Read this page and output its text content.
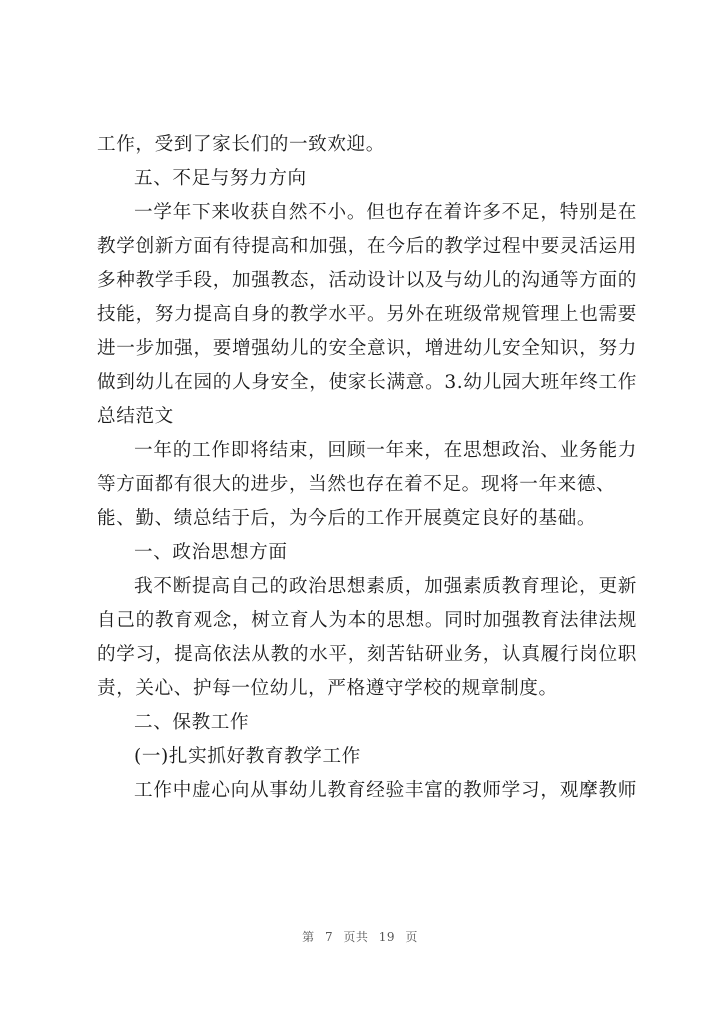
工作，受到了家长们的一致欢迎。
五、不足与努力方向
一学年下来收获自然不小。但也存在着许多不足，特别是在
教学创新方面有待提高和加强，在今后的教学过程中要灵活运用
多种教学手段，加强教态，活动设计以及与幼儿的沟通等方面的
技能，努力提高自身的教学水平。另外在班级常规管理上也需要
进一步加强，要增强幼儿的安全意识，增进幼儿安全知识，努力
做到幼儿在园的人身安全，使家长满意。3.幼儿园大班年终工作
总结范文
一年的工作即将结束，回顾一年来，在思想政治、业务能力
等方面都有很大的进步，当然也存在着不足。现将一年来德、
能、勤、绩总结于后，为今后的工作开展奠定良好的基础。
一、政治思想方面
我不断提高自己的政治思想素质，加强素质教育理论，更新
自己的教育观念，树立育人为本的思想。同时加强教育法律法规
的学习，提高依法从教的水平，刻苦钻研业务，认真履行岗位职
责，关心、护每一位幼儿，严格遵守学校的规章制度。
二、保教工作
(一)扎实抓好教育教学工作
工作中虚心向从事幼儿教育经验丰富的教师学习，观摩教师
第 7 页共 19 页
